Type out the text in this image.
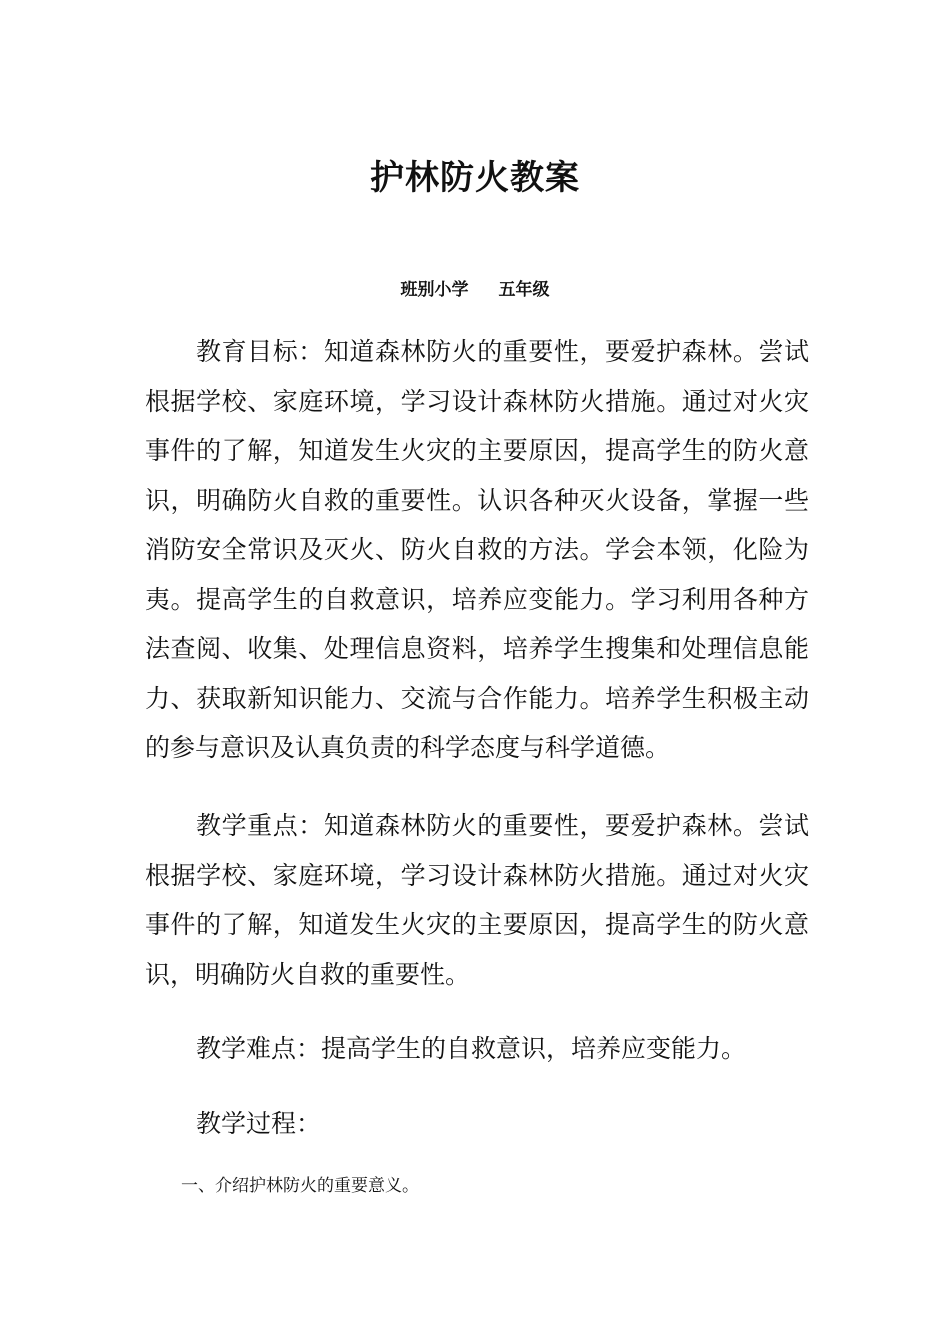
护林防火教案
班别小学 五年级

教育目标：知道森林防火的重要性，要爱护森林。尝试根据学校、家庭环境，学习设计森林防火措施。通过对火灾事件的了解，知道发生火灾的主要原因，提高学生的防火意识，明确防火自救的重要性。认识各种灭火设备，掌握一些消防安全常识及灭火、防火自救的方法。学会本领，化险为夷。提高学生的自救意识，培养应变能力。学习利用各种方法查阅、收集、处理信息资料，培养学生搜集和处理信息能力、获取新知识能力、交流与合作能力。培养学生积极主动的参与意识及认真负责的科学态度与科学道德。

教学重点：知道森林防火的重要性，要爱护森林。尝试根据学校、家庭环境，学习设计森林防火措施。通过对火灾事件的了解，知道发生火灾的主要原因，提高学生的防火意识，明确防火自救的重要性。

教学难点：提高学生的自救意识，培养应变能力。

教学过程：

一、介绍护林防火的重要意义。
